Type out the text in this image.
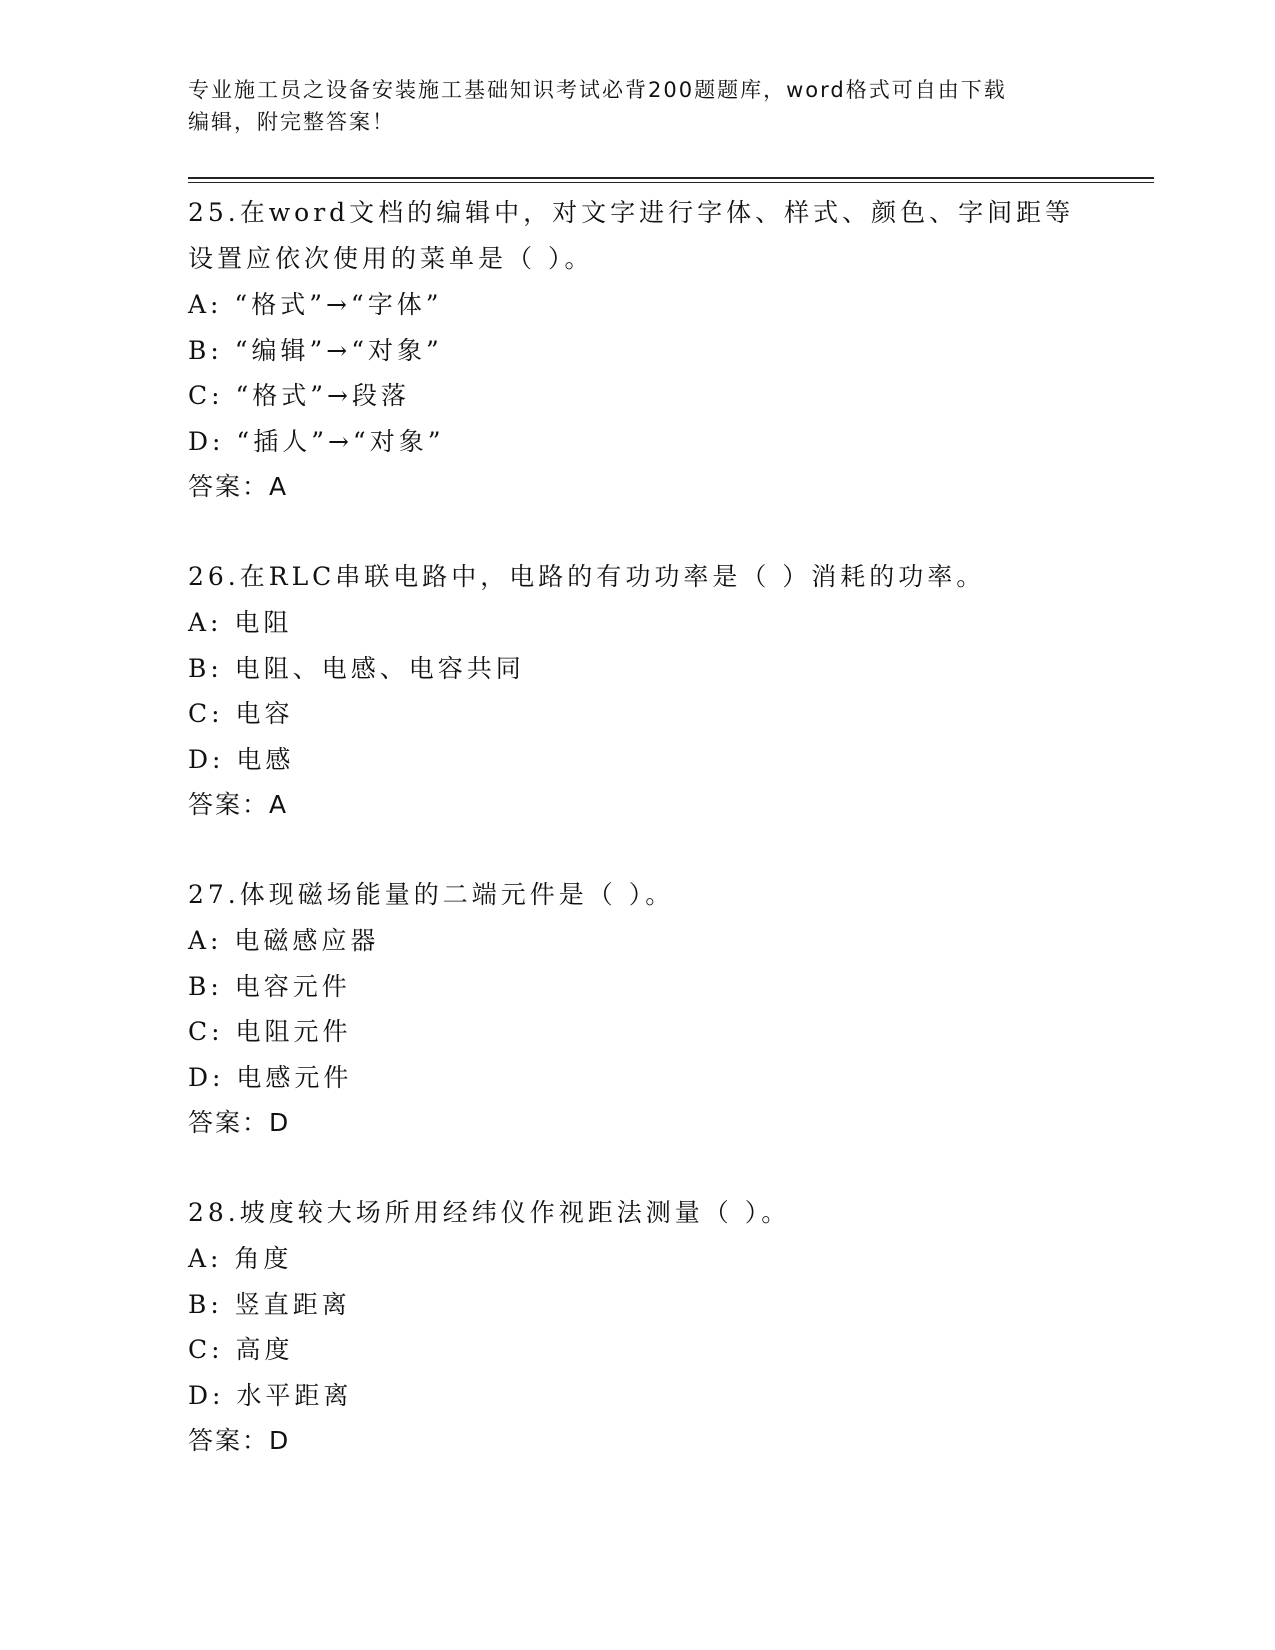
专业施工员之设备安装施工基础知识考试必背200题题库，word格式可自由下载
编辑，附完整答案！
25.在word文档的编辑中，对文字进行字体、样式、颜色、字间距等
设置应依次使用的菜单是（ ）。
A: “格式”→“字体”
B: “编辑”→“对象”
C: “格式”→段落
D: “插人”→“对象”
答案：A
26.在RLC串联电路中，电路的有功功率是（ ）消耗的功率。
A: 电阻
B: 电阻、电感、电容共同
C: 电容
D: 电感
答案：A
27.体现磁场能量的二端元件是（ ）。
A: 电磁感应器
B: 电容元件
C: 电阻元件
D: 电感元件
答案：D
28.坡度较大场所用经纬仪作视距法测量（ ）。
A: 角度
B: 竖直距离
C: 高度
D: 水平距离
答案：D
